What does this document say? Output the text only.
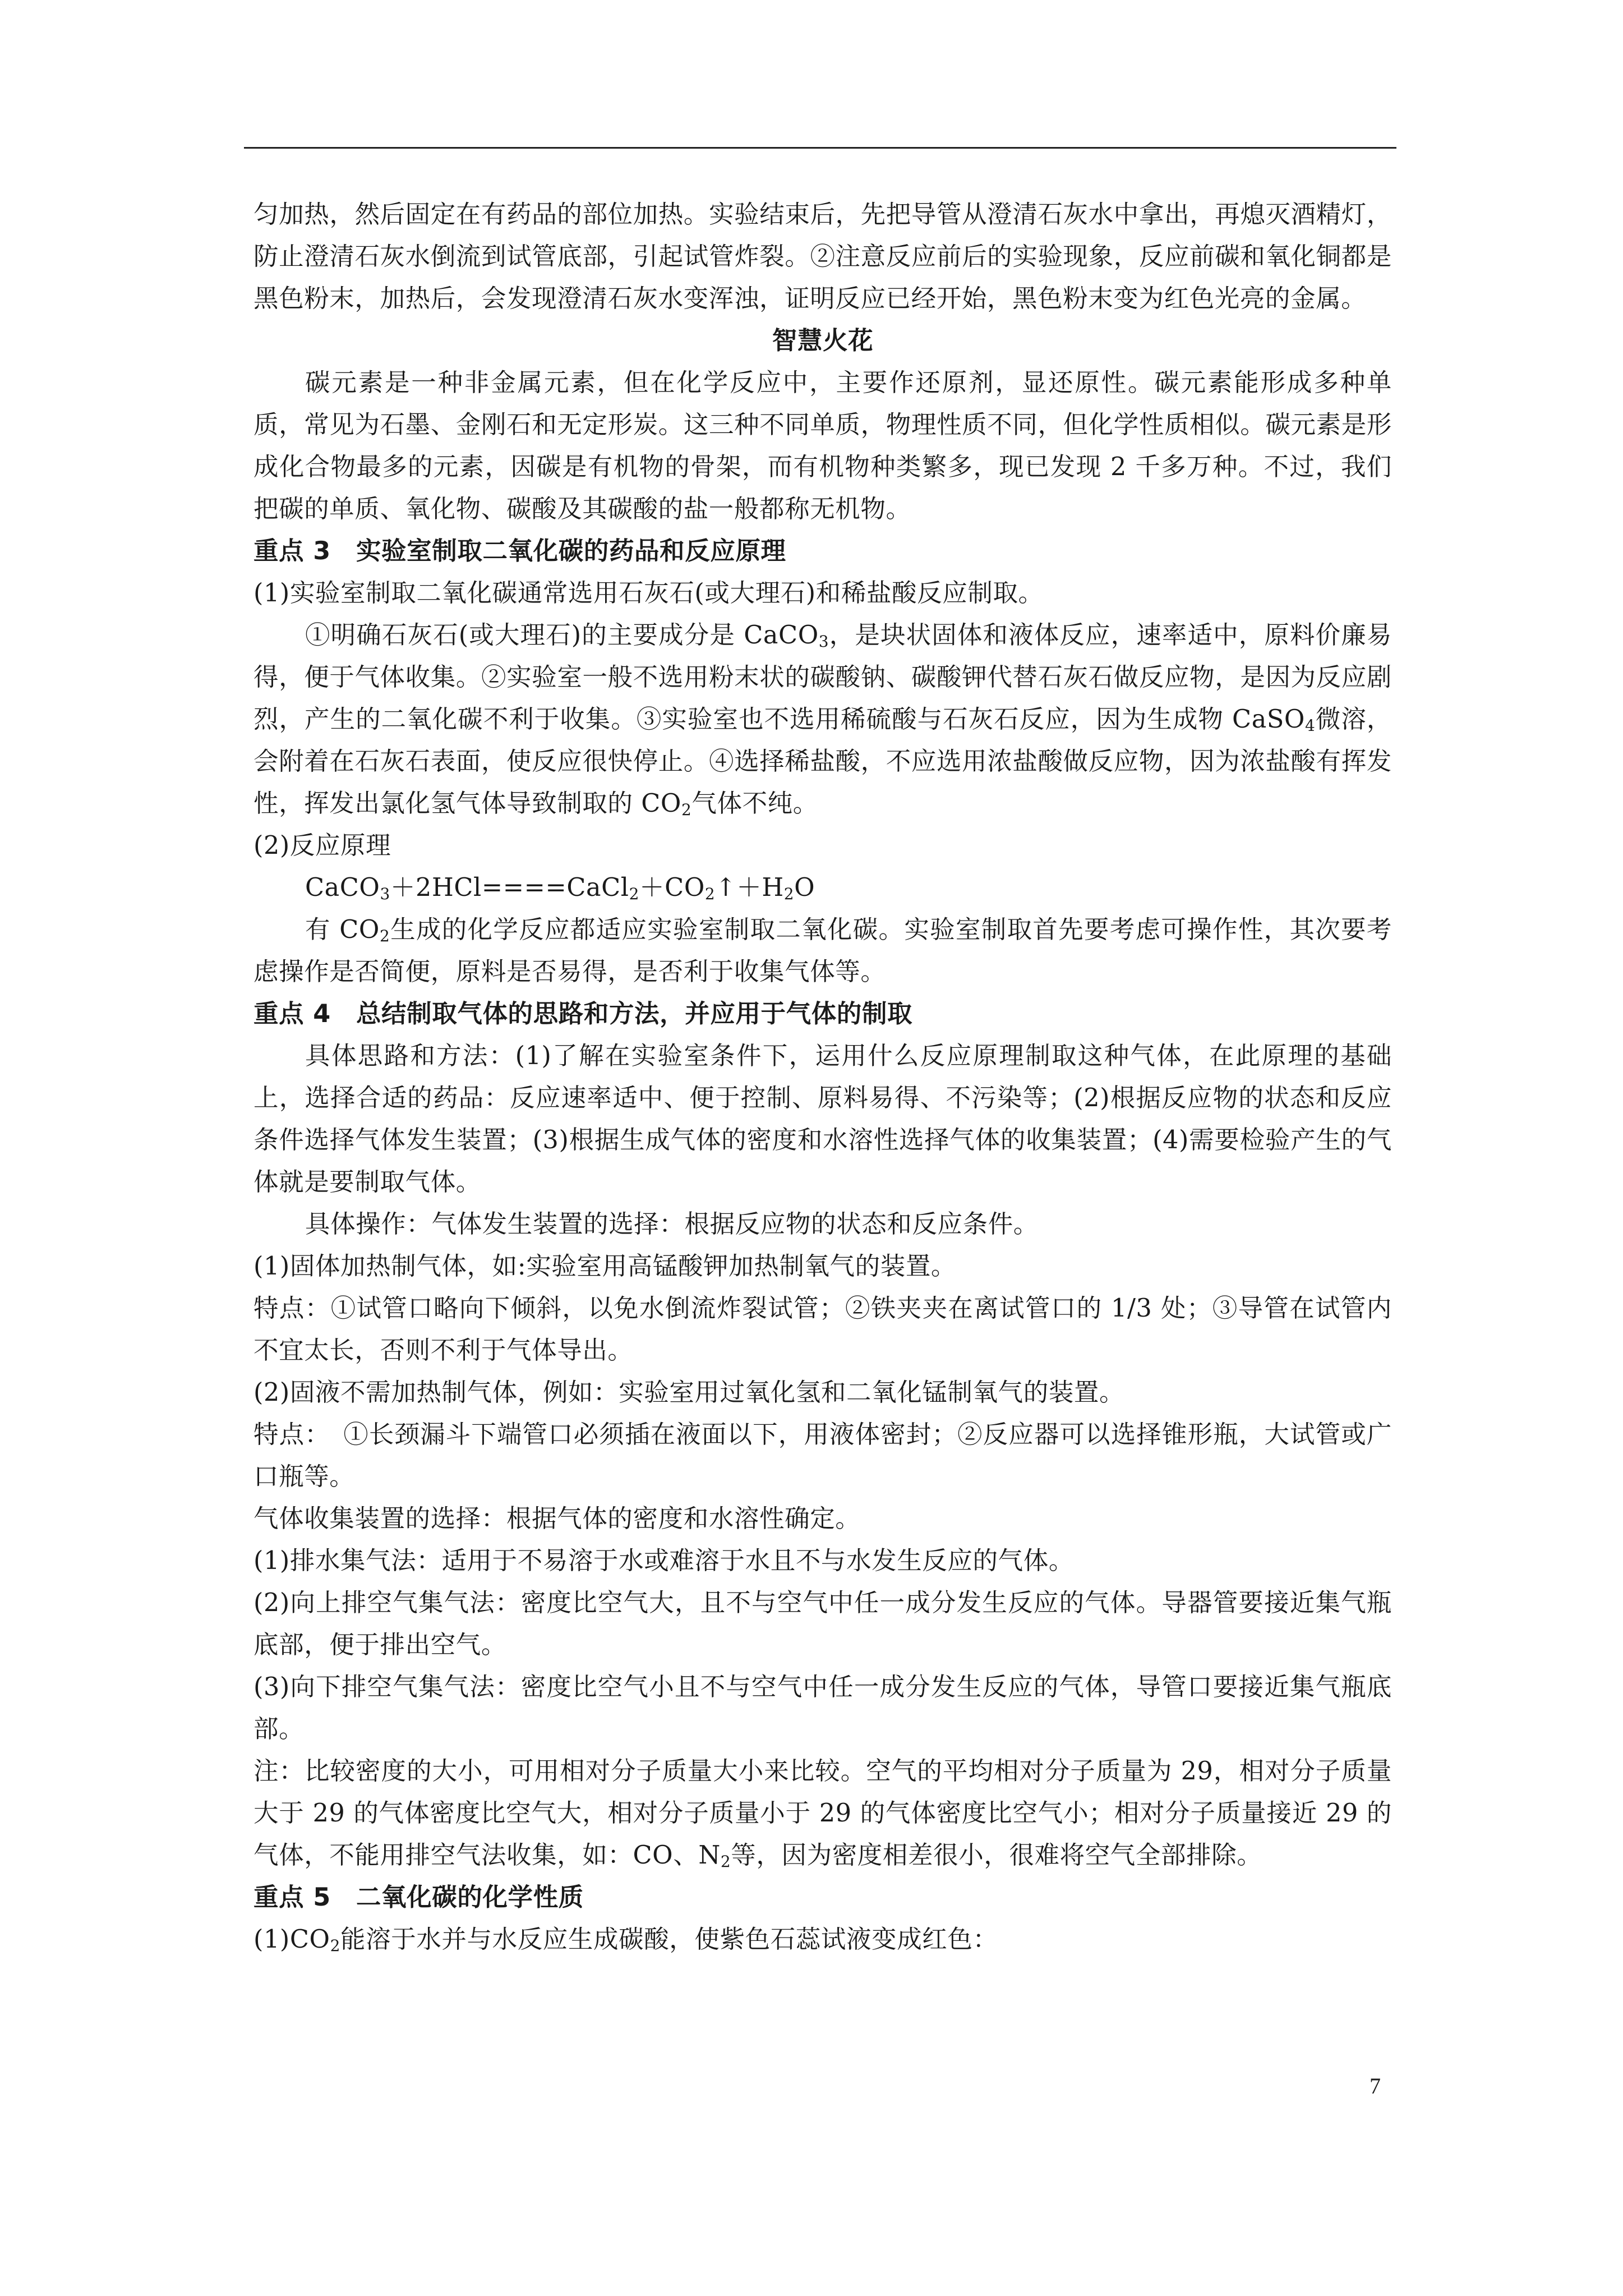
匀加热，然后固定在有药品的部位加热。实验结束后，先把导管从澄清石灰水中拿出，再熄灭酒精灯，防止澄清石灰水倒流到试管底部，引起试管炸裂。②注意反应前后的实验现象，反应前碳和氧化铜都是黑色粉末，加热后，会发现澄清石灰水变浑浊，证明反应已经开始，黑色粉末变为红色光亮的金属。

智慧火花

碳元素是一种非金属元素，但在化学反应中，主要作还原剂，显还原性。碳元素能形成多种单质，常见为石墨、金刚石和无定形炭。这三种不同单质，物理性质不同，但化学性质相似。碳元素是形成化合物最多的元素，因碳是有机物的骨架，而有机物种类繁多，现已发现 2 千多万种。不过，我们把碳的单质、氧化物、碳酸及其碳酸的盐一般都称无机物。

重点 3　实验室制取二氧化碳的药品和反应原理

(1)实验室制取二氧化碳通常选用石灰石(或大理石)和稀盐酸反应制取。

①明确石灰石(或大理石)的主要成分是 CaCO$_3$，是块状固体和液体反应，速率适中，原料价廉易得，便于气体收集。②实验室一般不选用粉末状的碳酸钠、碳酸钾代替石灰石做反应物，是因为反应剧烈，产生的二氧化碳不利于收集。③实验室也不选用稀硫酸与石灰石反应，因为生成物 CaSO$_4$微溶，会附着在石灰石表面，使反应很快停止。④选择稀盐酸，不应选用浓盐酸做反应物，因为浓盐酸有挥发性，挥发出氯化氢气体导致制取的 $CO_2$气体不纯。

(2)反应原理

$CaCO_3+2HCl====CaCl_2+CO_2↑+H_2O$

有 $CO_2$生成的化学反应都适应实验室制取二氧化碳。实验室制取首先要考虑可操作性，其次要考虑操作是否简便，原料是否易得，是否利于收集气体等。

重点 4　总结制取气体的思路和方法，并应用于气体的制取

具体思路和方法：(1)了解在实验室条件下，运用什么反应原理制取这种气体，在此原理的基础上，选择合适的药品：反应速率适中、便于控制、原料易得、不污染等；(2)根据反应物的状态和反应条件选择气体发生装置；(3)根据生成气体的密度和水溶性选择气体的收集装置；(4)需要检验产生的气体就是要制取气体。

具体操作：气体发生装置的选择：根据反应物的状态和反应条件。

(1)固体加热制气体，如:实验室用高锰酸钾加热制氧气的装置。

特点：①试管口略向下倾斜，以免水倒流炸裂试管；②铁夹夹在离试管口的 1/3 处；③导管在试管内不宜太长，否则不利于气体导出。

(2)固液不需加热制气体，例如：实验室用过氧化氢和二氧化锰制氧气的装置。

特点：　①长颈漏斗下端管口必须插在液面以下，用液体密封；②反应器可以选择锥形瓶，大试管或广口瓶等。

气体收集装置的选择：根据气体的密度和水溶性确定。

(1)排水集气法：适用于不易溶于水或难溶于水且不与水发生反应的气体。

(2)向上排空气集气法：密度比空气大，且不与空气中任一成分发生反应的气体。导器管要接近集气瓶底部，便于排出空气。

(3)向下排空气集气法：密度比空气小且不与空气中任一成分发生反应的气体，导管口要接近集气瓶底部。

注：比较密度的大小，可用相对分子质量大小来比较。空气的平均相对分子质量为 29，相对分子质量大于 29 的气体密度比空气大，相对分子质量小于 29 的气体密度比空气小；相对分子质量接近 29 的气体，不能用排空气法收集，如：CO、$N_2$等，因为密度相差很小，很难将空气全部排除。

重点 5　二氧化碳的化学性质

$(1)CO_2$能溶于水并与水反应生成碳酸，使紫色石蕊试液变成红色：

7
